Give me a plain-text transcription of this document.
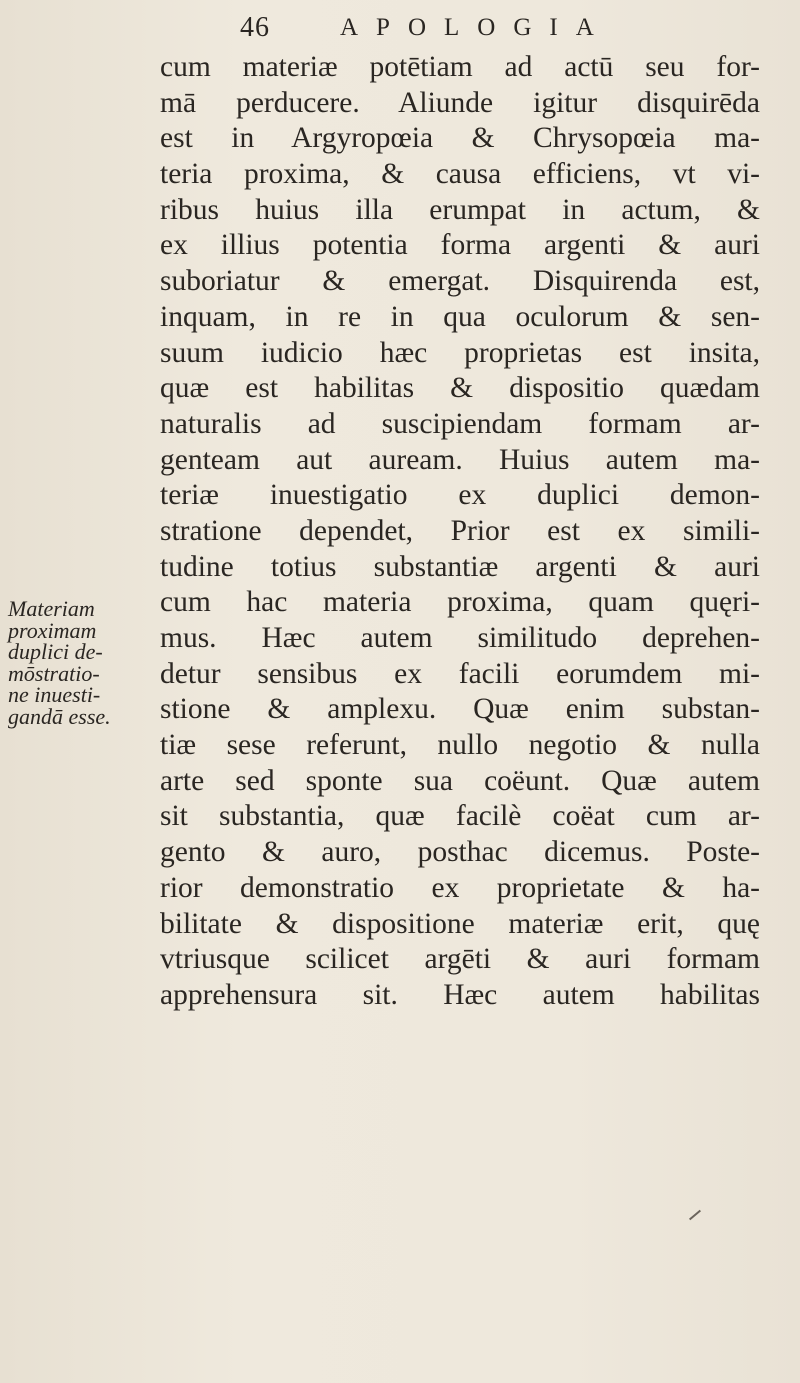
46	APOLOGIA
cum materiæ potētiam ad actū seu for-
mā perducere. Aliunde igitur disquirēda
est in Argyropœia & Chrysopœia ma-
teria proxima, & causa efficiens, vt vi-
ribus huius illa erumpat in actum, &
ex illius potentia forma argenti & auri
suboriatur & emergat. Disquirenda est,
inquam, in re in qua oculorum & sen-
suum iudicio hæc proprietas est insita,
quæ est habilitas & dispositio quædam
naturalis ad suscipiendam formam ar-
genteam aut auream. Huius autem ma-
teriæ inuestigatio ex duplici demon-
stratione dependet, Prior est ex simili-
tudine totius substantiæ argenti & auri
cum hac materia proxima, quam quęri-
mus. Hæc autem similitudo deprehen-
detur sensibus ex facili eorumdem mi-
stione & amplexu. Quæ enim substan-
tiæ sese referunt, nullo negotio & nulla
arte sed sponte sua coëunt. Quæ autem
sit substantia, quæ facilè coëat cum ar-
gento & auro, posthac dicemus. Poste-
rior demonstratio ex proprietate & ha-
bilitate & dispositione materiæ erit, quę
vtriusque scilicet argēti & auri formam
apprehensura sit. Hæc autem habilitas
Materiam
proximam
duplici de-
mōstratio-
ne inuesti-
gandā esse.
